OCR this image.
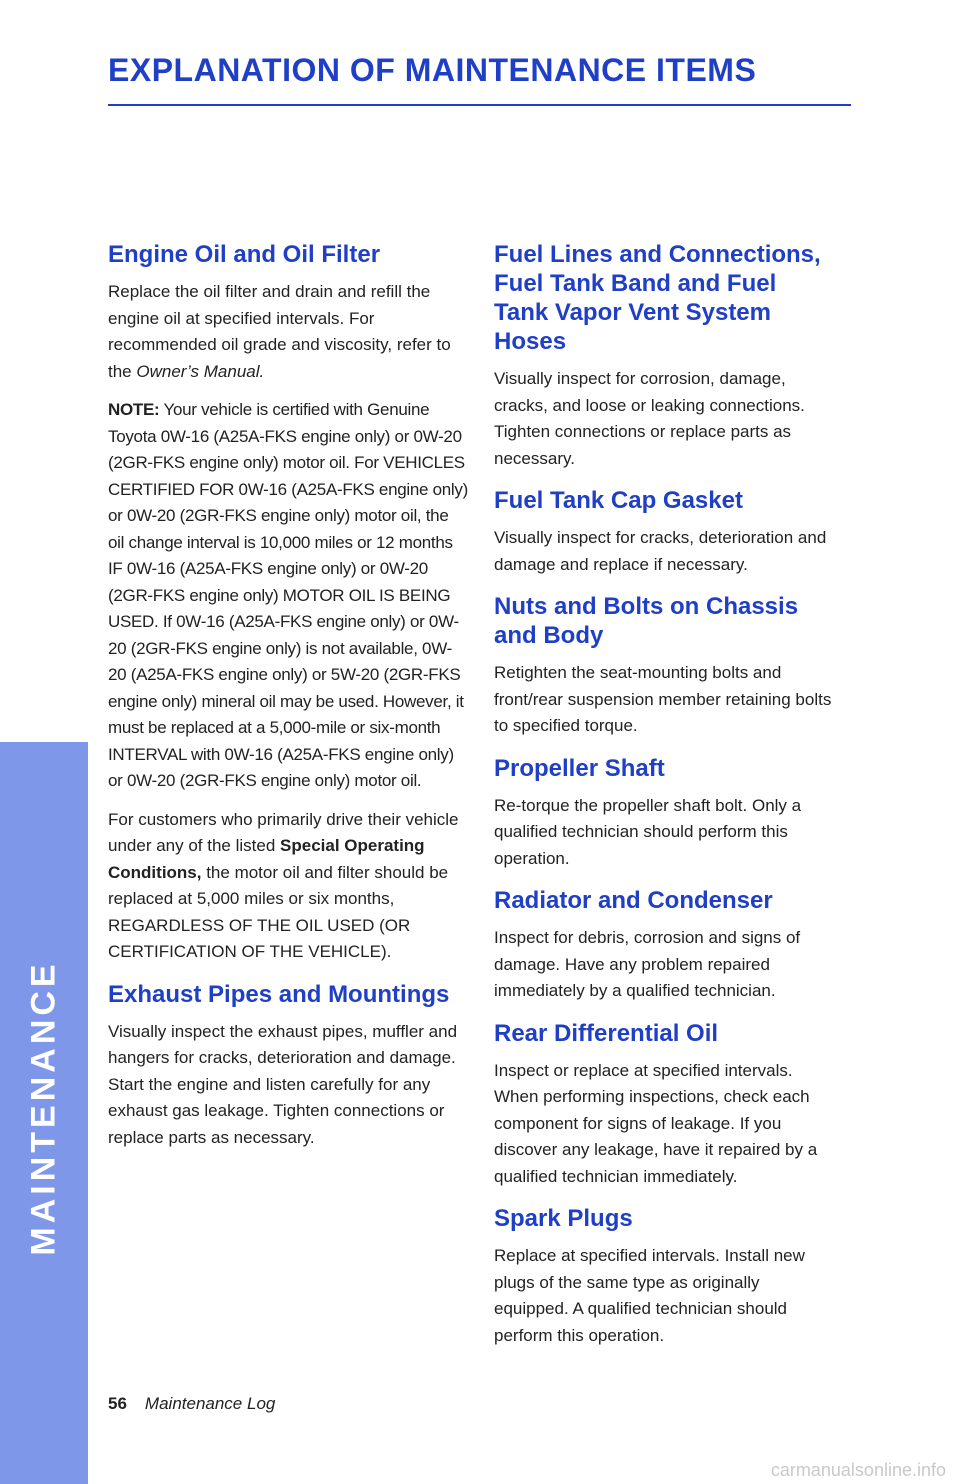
MAINTENANCE
EXPLANATION OF MAINTENANCE ITEMS
Engine Oil and Oil Filter

Replace the oil filter and drain and refill the engine oil at specified intervals. For recommended oil grade and viscosity, refer to the Owner’s Manual.

NOTE: Your vehicle is certified with Genuine Toyota 0W-16 (A25A-FKS engine only) or 0W-20 (2GR-FKS engine only) motor oil. For VEHICLES CERTIFIED FOR 0W-16 (A25A-FKS engine only) or 0W-20 (2GR-FKS engine only) motor oil, the oil change interval is 10,000 miles or 12 months IF 0W-16 (A25A-FKS engine only) or 0W-20 (2GR-FKS engine only) MOTOR OIL IS BEING USED. If 0W-16 (A25A-FKS engine only) or 0W-20 (2GR-FKS engine only) is not available, 0W-20 (A25A-FKS engine only) or 5W-20 (2GR-FKS engine only) mineral oil may be used. However, it must be replaced at a 5,000-mile or six-month INTERVAL with 0W-16 (A25A-FKS engine only) or 0W-20 (2GR-FKS engine only) motor oil.

For customers who primarily drive their vehicle under any of the listed Special Operating Conditions, the motor oil and filter should be replaced at 5,000 miles or six months, REGARDLESS OF THE OIL USED (OR CERTIFICATION OF THE VEHICLE).

Exhaust Pipes and Mountings

Visually inspect the exhaust pipes, muffler and hangers for cracks, deterioration and damage. Start the engine and listen carefully for any exhaust gas leakage. Tighten connections or replace parts as necessary.

Fuel Lines and Connections, Fuel Tank Band and Fuel Tank Vapor Vent System Hoses

Visually inspect for corrosion, damage, cracks, and loose or leaking connections. Tighten connections or replace parts as necessary.

Fuel Tank Cap Gasket

Visually inspect for cracks, deterioration and damage and replace if necessary.

Nuts and Bolts on Chassis and Body

Retighten the seat-mounting bolts and front/rear suspension member retaining bolts to specified torque.

Propeller Shaft

Re-torque the propeller shaft bolt. Only a qualified technician should perform this operation.

Radiator and Condenser

Inspect for debris, corrosion and signs of damage. Have any problem repaired immediately by a qualified technician.

Rear Differential Oil

Inspect or replace at specified intervals. When performing inspections, check each component for signs of leakage. If you discover any leakage, have it repaired by a qualified technician immediately.

Spark Plugs

Replace at specified intervals. Install new plugs of the same type as originally equipped. A qualified technician should perform this operation.

56 Maintenance Log
carmanualsonline.info
